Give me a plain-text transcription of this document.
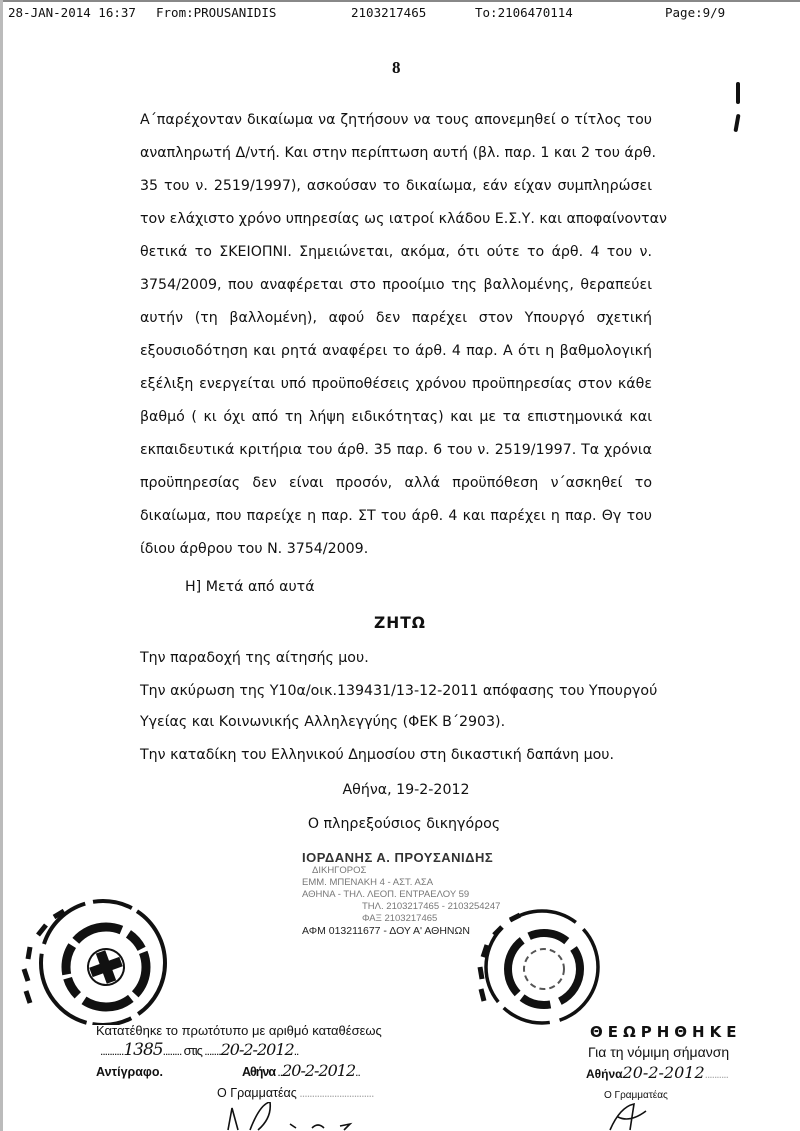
28-JAN-2014 16:37 From:PROUSANIDIS	2103217465	To:2106470114	Page:9/9
8
Α΄παρέχονταν δικαίωμα να ζητήσουν να τους απονεμηθεί ο τίτλος του
αναπληρωτή Δ/ντή. Και στην περίπτωση αυτή (βλ. παρ. 1 και 2 του άρθ.
35 του ν. 2519/1997), ασκούσαν το δικαίωμα, εάν είχαν συμπληρώσει
τον ελάχιστο χρόνο υπηρεσίας ως ιατροί κλάδου Ε.Σ.Υ. και αποφαίνονταν
θετικά το ΣΚΕΙΟΠΝΙ. Σημειώνεται, ακόμα, ότι ούτε το άρθ. 4 του ν.
3754/2009, που αναφέρεται στο προοίμιο της βαλλομένης, θεραπεύει
αυτήν (τη βαλλομένη), αφού δεν παρέχει στον Υπουργό σχετική
εξουσιοδότηση και ρητά αναφέρει το άρθ. 4 παρ. Α ότι η βαθμολογική
εξέλιξη ενεργείται υπό προϋποθέσεις χρόνου προϋπηρεσίας στον κάθε
βαθμό ( κι όχι από τη λήψη ειδικότητας) και με τα επιστημονικά και
εκπαιδευτικά κριτήρια του άρθ. 35 παρ. 6 του ν. 2519/1997. Τα χρόνια
προϋπηρεσίας δεν είναι προσόν, αλλά προϋπόθεση ν΄ασκηθεί το
δικαίωμα, που παρείχε η παρ. ΣΤ του άρθ. 4 και παρέχει η παρ. Θγ του
ίδιου άρθρου του Ν. 3754/2009.
Η] Μετά από αυτά
ΖΗΤΩ
Την παραδοχή της αίτησής μου.
Την ακύρωση της Υ10α/οικ.139431/13-12-2011 απόφασης του Υπουργού
Υγείας και Κοινωνικής Αλληλεγγύης (ΦΕΚ Β΄2903).
Την καταδίκη του Ελληνικού Δημοσίου στη δικαστική δαπάνη μου.
Αθήνα, 19-2-2012
Ο πληρεξούσιος δικηγόρος
ΙΟΡΔΑΝΗΣ Α. ΠΡΟΥΣΑΝΙΔΗΣ
ΔΙΚΗΓΟΡΟΣ
ΕΜΜ. ΜΠΕΝΑΚΗ 4 - ΑΣΤ. ΑΣΑ
ΑΘΗΝΑ - ΤΗΛ. ΛΕΟΠ. ΕΝΤΡΑΕΛΟΥ 59
ΤΗΛ. 2103217465 - 2103254247
ΦΑΞ 2103217465
ΑΦΜ 013211677 - ΔΟΥ Α' ΑΘΗΝΩΝ
Κατατέθηκε το πρωτότυπο με αριθμό καταθέσεως
..........1385........ στις .......20-2-2012..
Αντίγραφο.	Αθήνα ..20-2-2012..
Ο Γραμματέας ..............................
ΘΕΩΡΗΘΗΚΕ
Για τη νόμιμη σήμανση
Αθήνα20-2-2012..........
Ο Γραμματέας
